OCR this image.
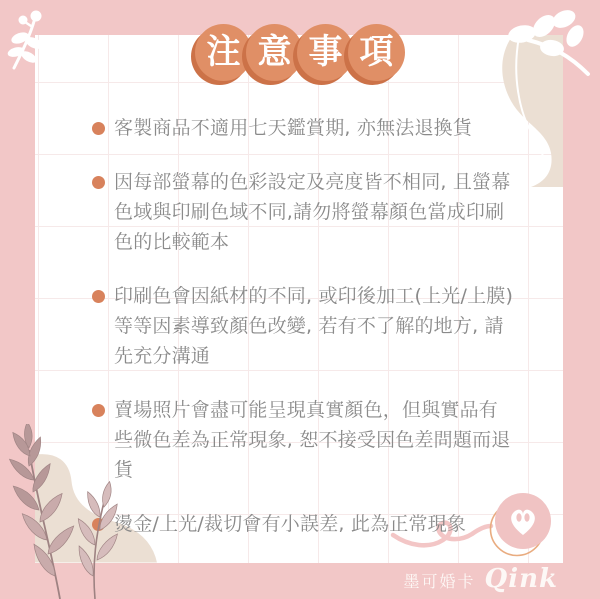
客製商品不適用七天鑑賞期, 亦無法退換貨
因每部螢幕的色彩設定及亮度皆不相同, 且螢幕色域與印刷色域不同,請勿將螢幕顏色當成印刷色的比較範本
印刷色會因紙材的不同, 或印後加工(上光/上膜)等等因素導致顏色改變, 若有不了解的地方, 請先充分溝通
賣場照片會盡可能呈現真實顏色，但與實品有些微色差為正常現象, 恕不接受因色差問題而退貨
燙金/上光/裁切會有小誤差, 此為正常現象
注 意 事 項
墨可婚卡 Qink
